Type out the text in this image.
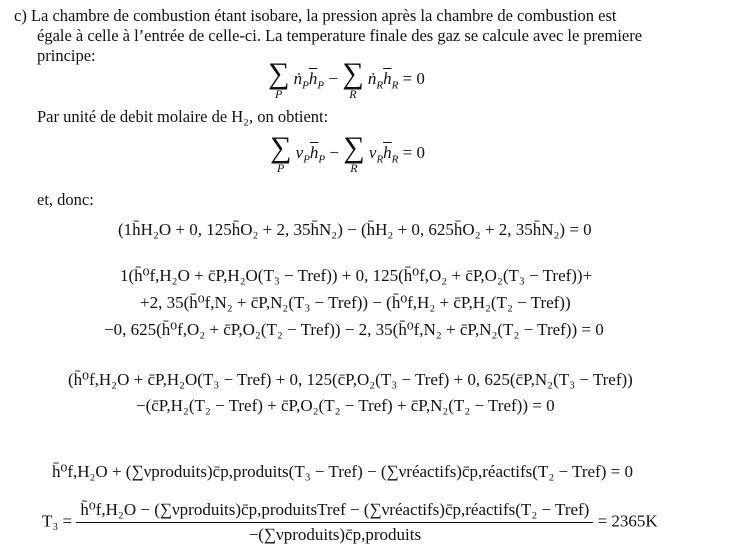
c) La chambre de combustion étant isobare, la pression après la chambre de combustion est
égale à celle à l’entrée de celle-ci. La temperature finale des gaz se calcule avec le premiere
principe:
∑
P
$ṅ_P\overline{h}_P$ − ∑
R
$ṅ_R\overline{h}_R = 0$
Par unité de debit molaire de H₂, on obtient:
∑
P
$\nu_P\overline{h}_P$ − ∑
R
$\nu_R\overline{h}_R = 0$
et, donc:
(1h̄H₂O + 0, 125h̄O₂ + 2, 35h̄N₂) − (h̄H₂ + 0, 625h̄O₂ + 2, 35h̄N₂) = 0
1(h̄⁰f,H₂O + c̄P,H₂O(T₃ − Tref)) + 0, 125(h̄⁰f,O₂ + c̄P,O₂(T₃ − Tref))+
+2, 35(h̄⁰f,N₂ + c̄P,N₂(T₃ − Tref)) − (h̄⁰f,H₂ + c̄P,H₂(T₂ − Tref))
−0, 625(h̄⁰f,O₂ + c̄P,O₂(T₂ − Tref)) − 2, 35(h̄⁰f,N₂ + c̄P,N₂(T₂ − Tref)) = 0
(h̄⁰f,H₂O + c̄P,H₂O(T₃ − Tref) + 0, 125(c̄P,O₂(T₃ − Tref) + 0, 625(c̄P,N₂(T₃ − Tref))
−(c̄P,H₂(T₂ − Tref) + c̄P,O₂(T₂ − Tref) + c̄P,N₂(T₂ − Tref)) = 0
h̄⁰f,H₂O + (∑νproduits)c̄p,produits(T₃ − Tref) − (∑νréactifs)c̄p,réactifs(T₂ − Tref) = 0
T₃ =
h̄⁰f,H₂O − (∑νproduits)c̄p,produitsTref − (∑νréactifs)c̄p,réactifs(T₂ − Tref)
−(∑νproduits)c̄p,produits
= 2365K
